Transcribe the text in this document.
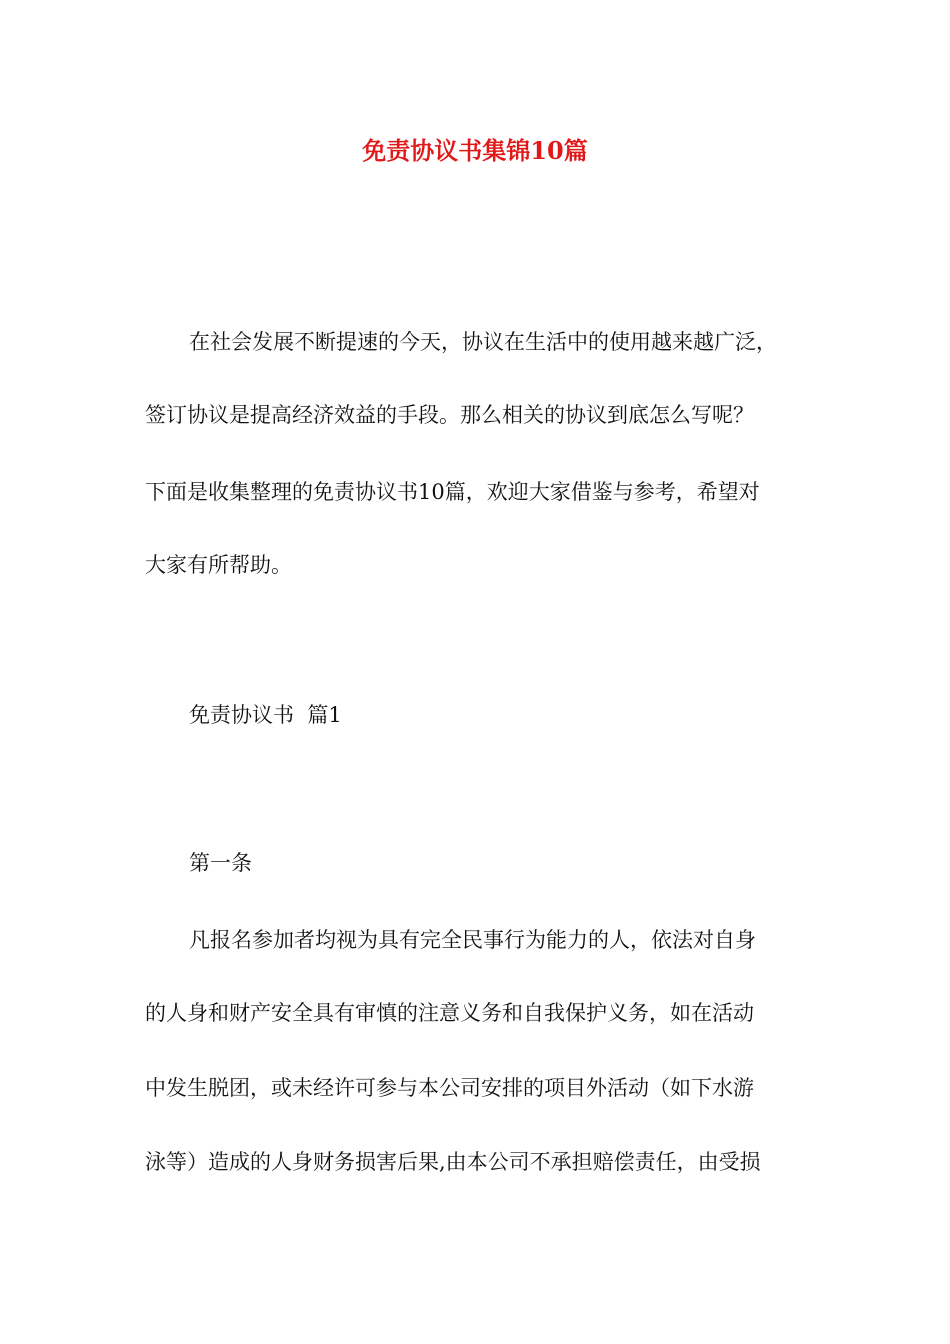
免责协议书集锦10篇

在社会发展不断提速的今天，协议在生活中的使用越来越广泛，

签订协议是提高经济效益的手段。那么相关的协议到底怎么写呢？

下面是收集整理的免责协议书10篇，欢迎大家借鉴与参考，希望对

大家有所帮助。

免责协议书  篇1

第一条

凡报名参加者均视为具有完全民事行为能力的人，依法对自身

的人身和财产安全具有审慎的注意义务和自我保护义务，如在活动

中发生脱团，或未经许可参与本公司安排的项目外活动（如下水游

泳等）造成的人身财务损害后果,由本公司不承担赔偿责任，由受损
